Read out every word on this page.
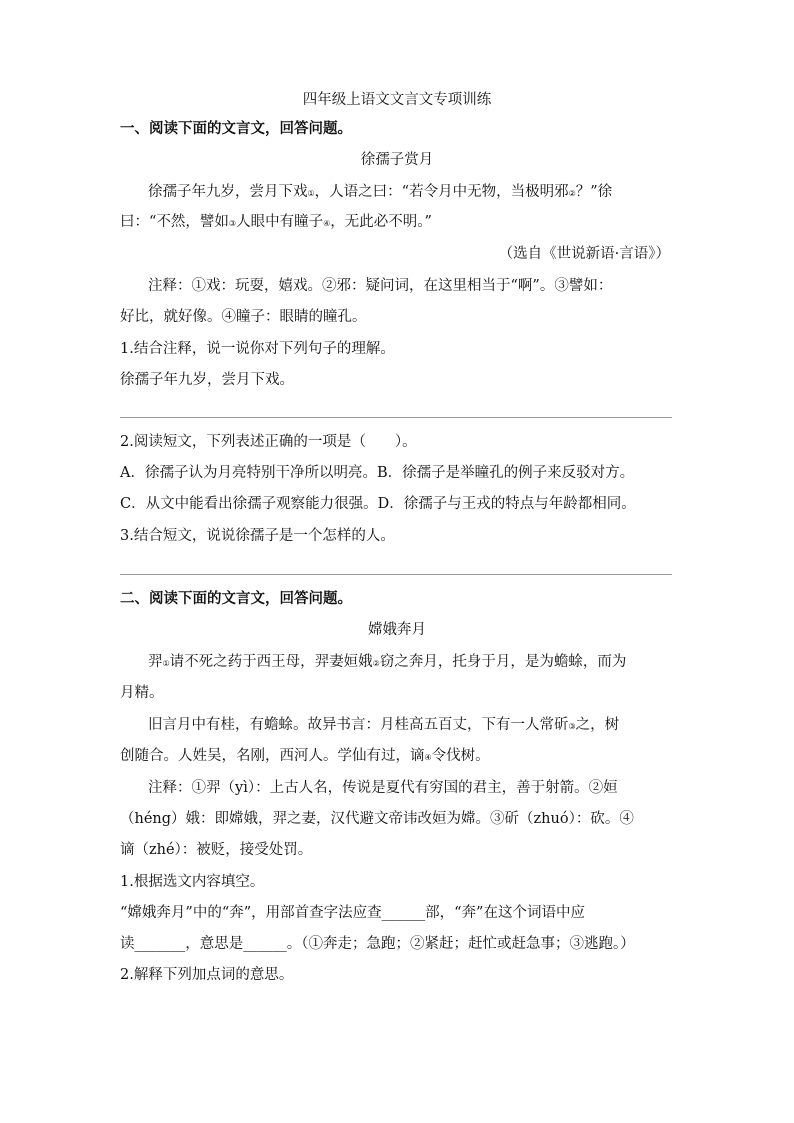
四年级上语文文言文专项训练
一、阅读下面的文言文，回答问题。
徐孺子赏月
徐孺子年九岁，尝月下戏①，人语之曰：“若令月中无物，当极明邪②？”徐
曰：“不然，譬如③人眼中有瞳子④，无此必不明。”
（选自《世说新语·言语》）
注释：①戏：玩耍，嬉戏。②邪：疑问词，在这里相当于“啊”。③譬如：
好比，就好像。④瞳子：眼睛的瞳孔。
1.结合注释，说一说你对下列句子的理解。
徐孺子年九岁，尝月下戏。
2.阅读短文，下列表述正确的一项是（　　）。
A．徐孺子认为月亮特别干净所以明亮。B．徐孺子是举瞳孔的例子来反驳对方。
C．从文中能看出徐孺子观察能力很强。D．徐孺子与王戎的特点与年龄都相同。
3.结合短文，说说徐孺子是一个怎样的人。
二、阅读下面的文言文，回答问题。
嫦娥奔月
羿①请不死之药于西王母，羿妻姮娥②窃之奔月，托身于月，是为蟾蜍，而为
月精。
旧言月中有桂，有蟾蜍。故异书言：月桂高五百丈，下有一人常斫③之，树
创随合。人姓吴，名刚，西河人。学仙有过，谪④令伐树。
注释：①羿（yì）：上古人名，传说是夏代有穷国的君主，善于射箭。②姮
（héng）娥：即嫦娥，羿之妻，汉代避文帝讳改姮为嫦。③斫（zhuó）：砍。④
谪（zhé）：被贬，接受处罚。
1.根据选文内容填空。
“嫦娥奔月”中的“奔”，用部首查字法应查______部，“奔”在这个词语中应
读_______，意思是______。（①奔走；急跑；②紧赶；赶忙或赶急事；③逃跑。）
2.解释下列加点词的意思。
